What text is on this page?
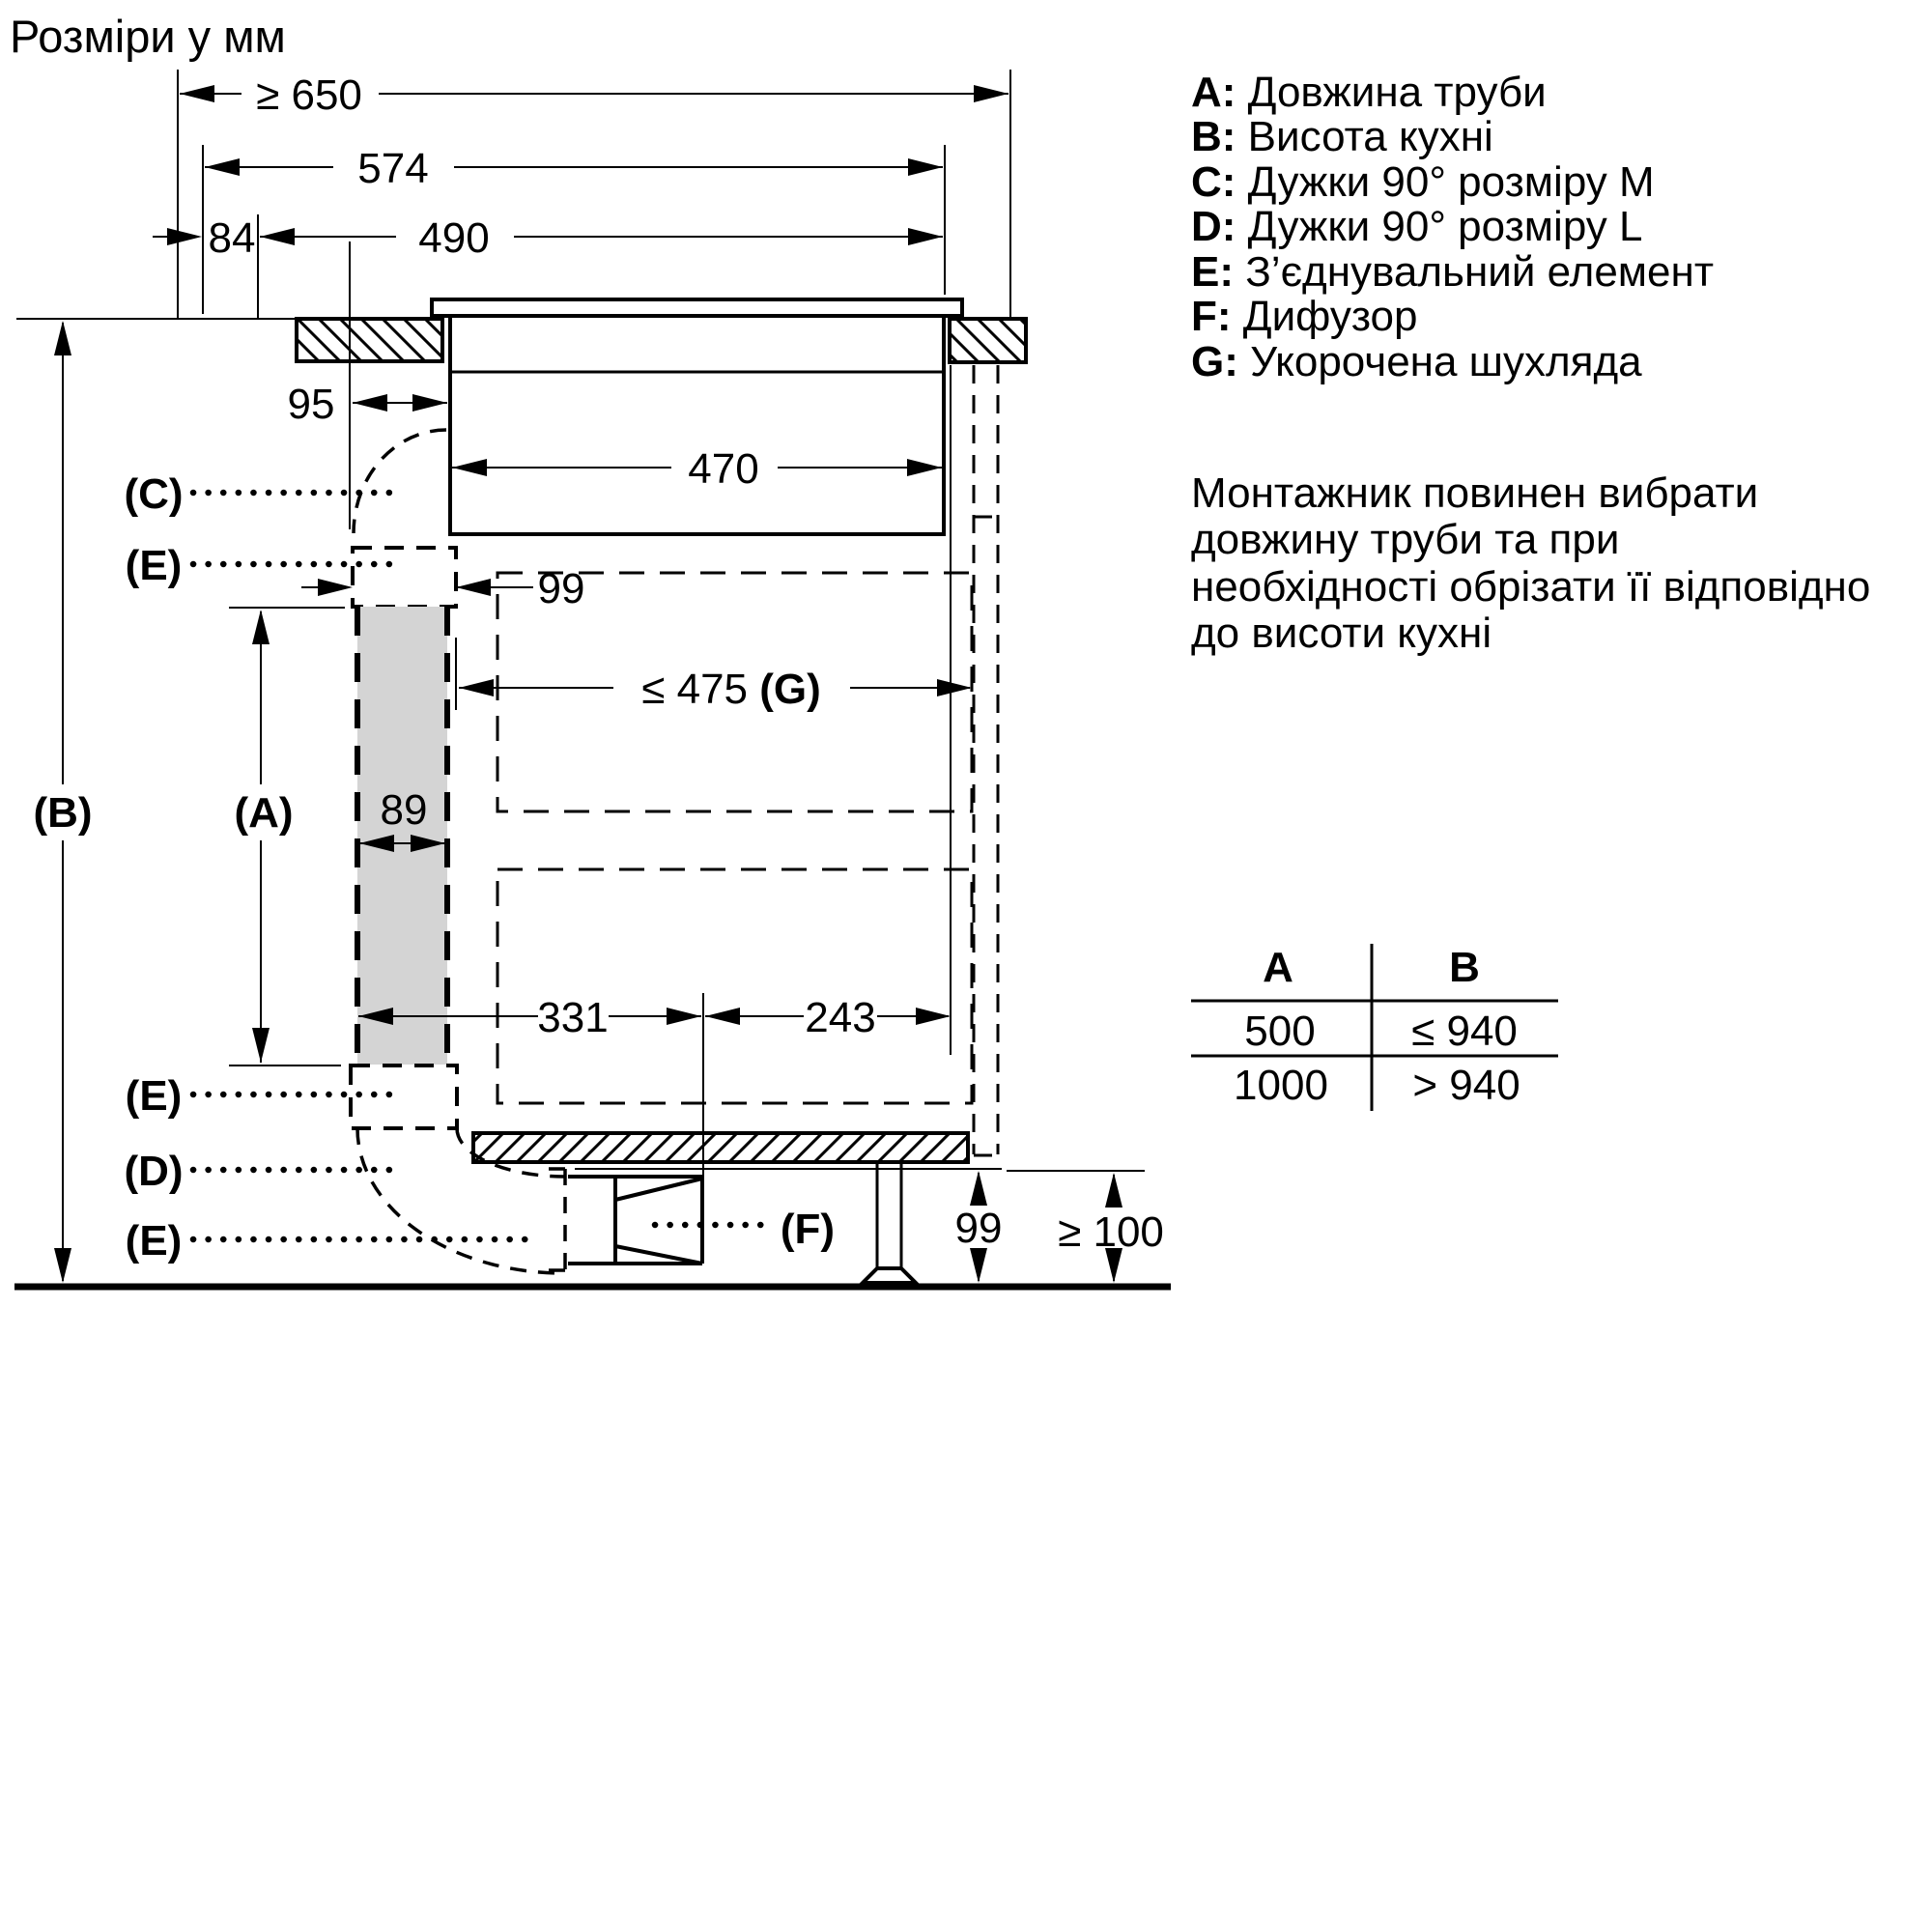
Розміри у мм
≥ 650
574
84	490
95
470
99
≤ 475 (G)
89
(A)
(B)
331	243
99 ≥ 100
(C)
(E)
(E)
(D)
(E)	(F)
A: Довжина труби
B: Висота кухні
C: Дужки 90° розміру M
D: Дужки 90° розміру L
E: З’єднувальний елемент
F: Дифузор
G: Укорочена шухляда
Монтажник повинен вибрати
довжину труби та при
необхідності обрізати її відповідно
до висоти кухні
A	B
500 ≤ 940
1000 > 940
